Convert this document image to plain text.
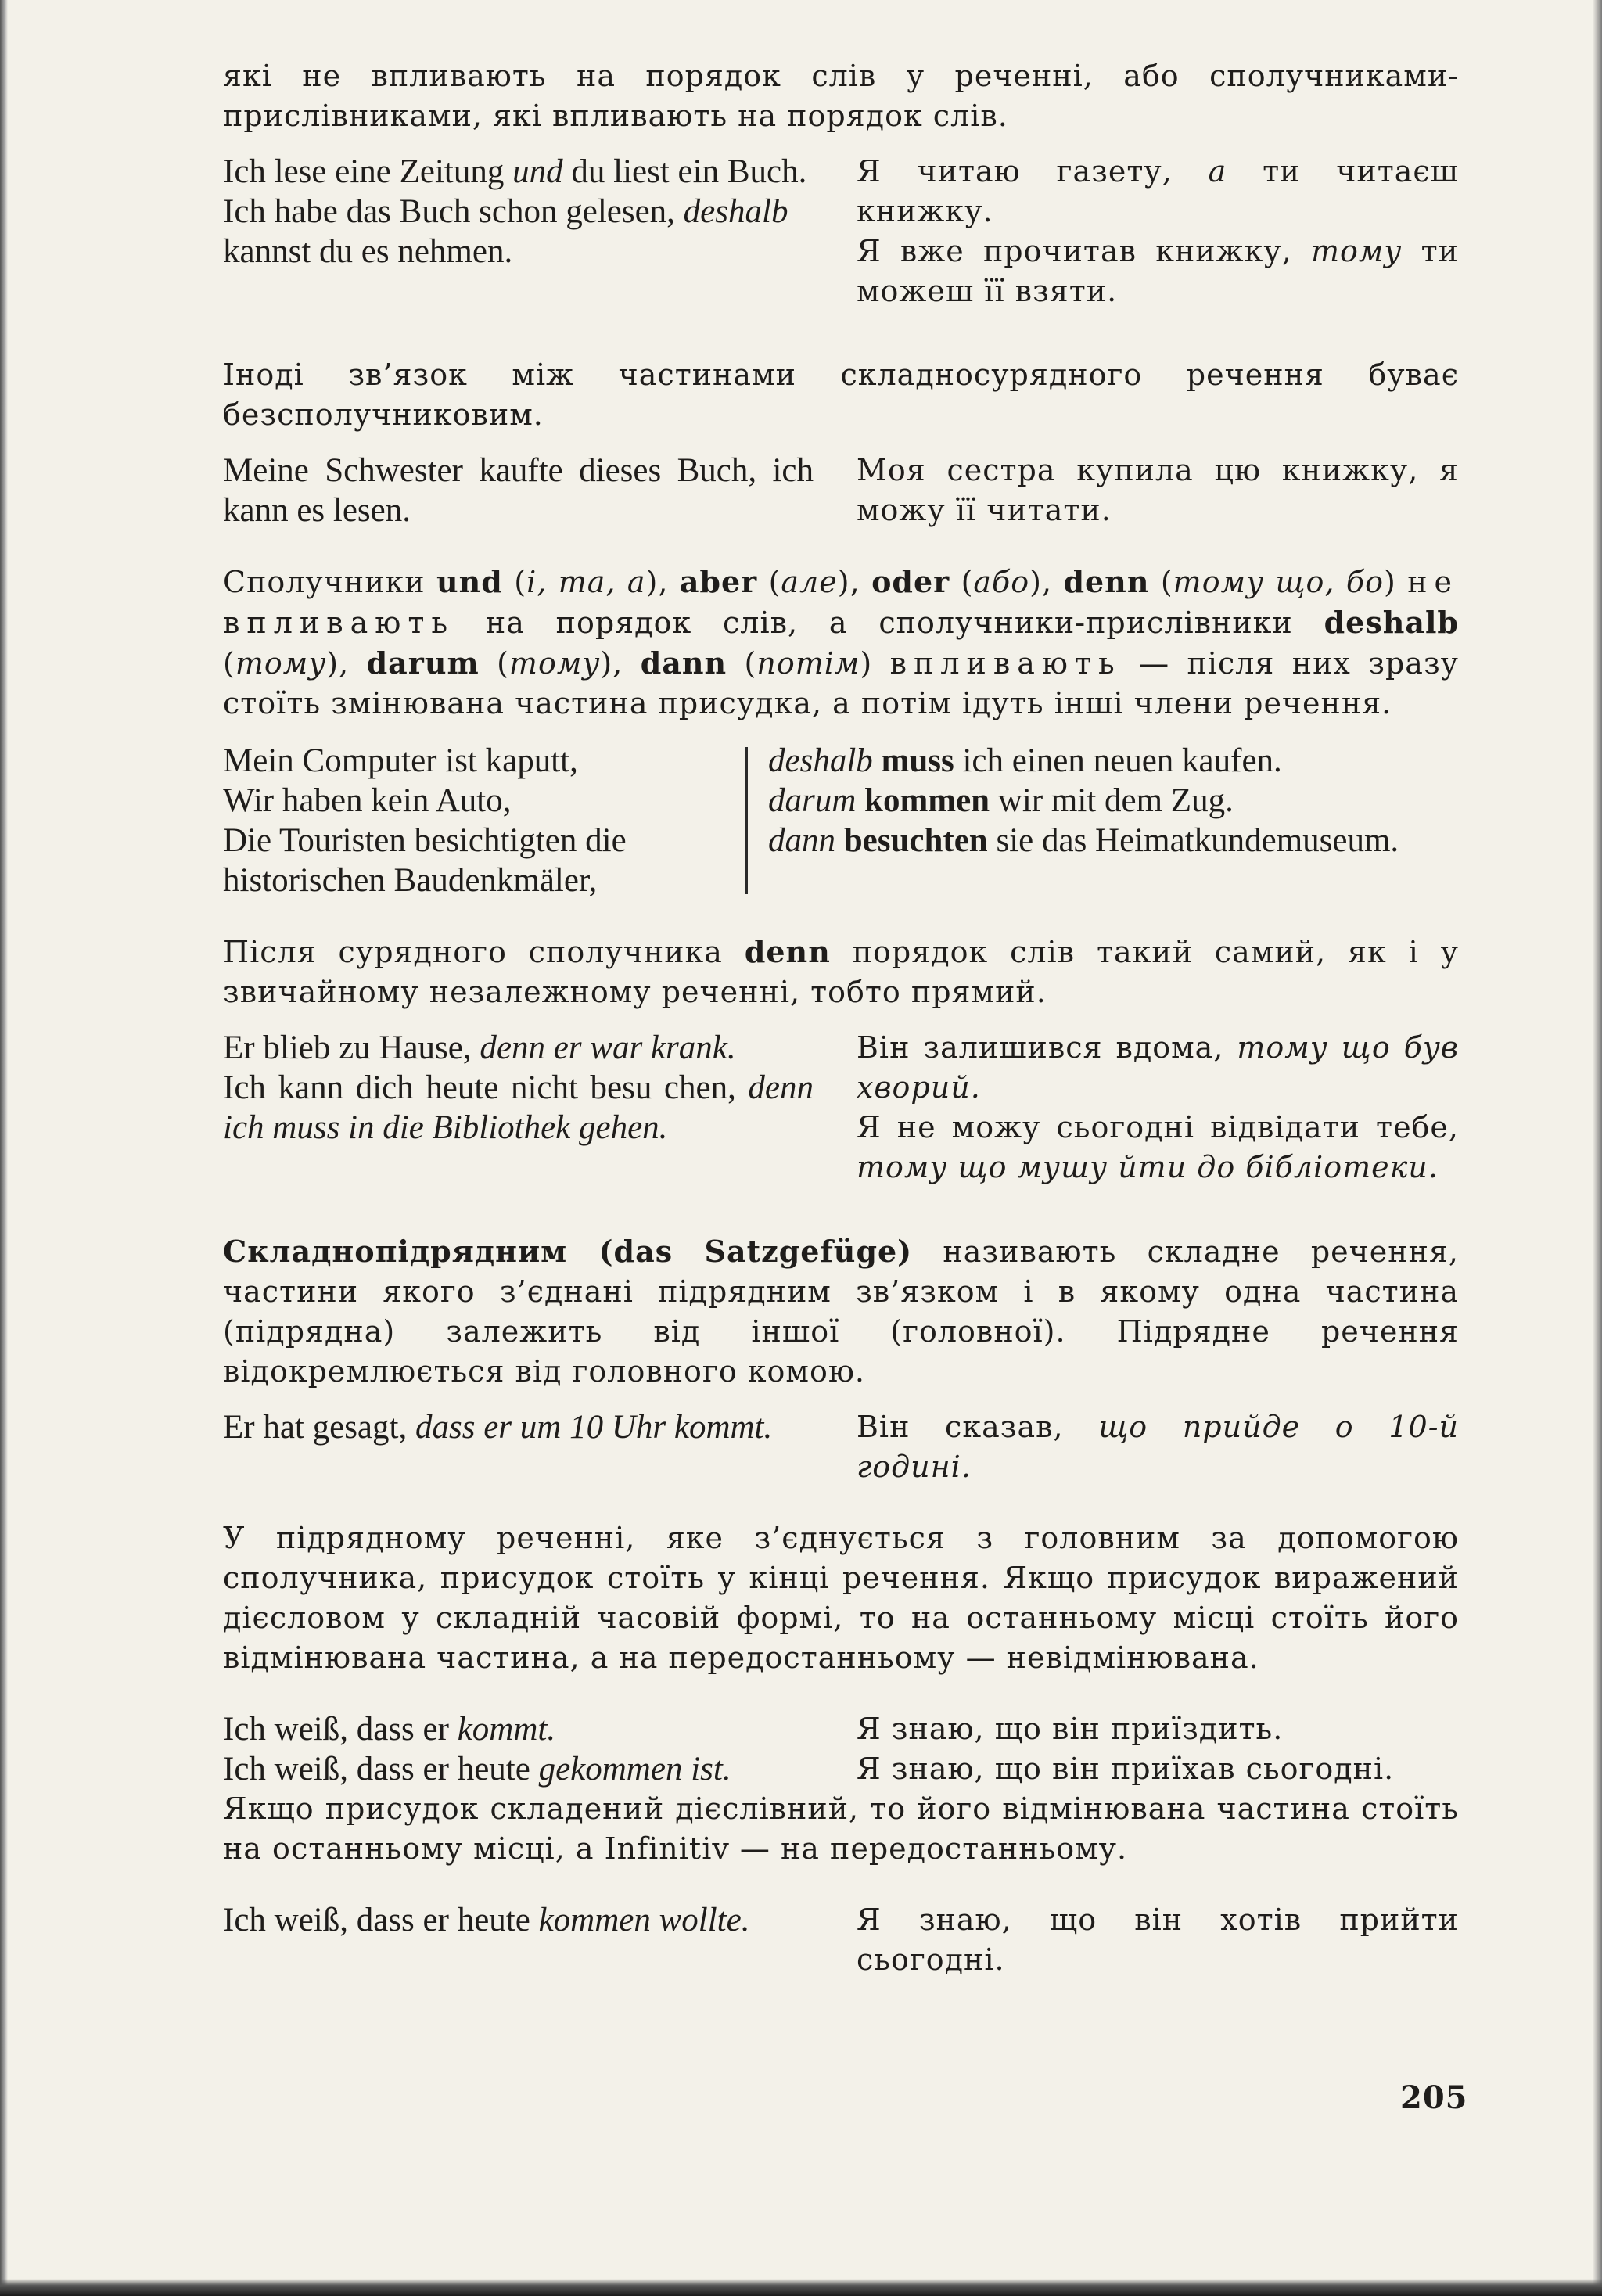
які не впливають на порядок слів у реченні, або сполучниками-прислівниками, які впливають на порядок слів.

Ich lese eine Zeitung und du liest ein Buch.

Ich habe das Buch schon gelesen, deshalb kannst du es nehmen.

Я читаю газету, а ти читаєш книжку.

Я вже прочитав книжку, тому ти можеш її взяти.

Іноді зв’язок між частинами складносурядного речення буває безсполучниковим.

Meine Schwester kaufte dieses Buch, ich kann es lesen.

Моя сестра купила цю книжку, я можу її читати.

Сполучники und (і, та, а), aber (але), oder (або), denn (тому що, бо) не впливають на порядок слів, а сполучники-прислівники deshalb (тому), darum (тому), dann (потім) впливають — після них зразу стоїть змінювана частина присудка, а потім ідуть інші члени речення.

Mein Computer ist kaputt,

Wir haben kein Auto,

Die Touristen besichtigten die historischen Baudenkmäler,

deshalb muss ich einen neuen kaufen.

darum kommen wir mit dem Zug.

dann besuchten sie das Heimatkundemuseum.

Після сурядного сполучника denn порядок слів такий самий, як і у звичайному незалежному реченні, тобто прямий.

Er blieb zu Hause, denn er war krank.

Ich kann dich heute nicht besu chen, denn ich muss in die Bibliothek gehen.

Він залишився вдома, тому що був хворий.

Я не можу сьогодні відвідати тебе, тому що мушу йти до бібліотеки.

Складнопідрядним (das Satzgefüge) називають складне речення, частини якого з’єднані підрядним зв’язком і в якому одна частина (підрядна) залежить від іншої (головної). Підрядне речення відокремлюється від головного комою.

Er hat gesagt, dass er um 10 Uhr kommt.	Він сказав, що прийде о 10-й годині.

У підрядному реченні, яке з’єднується з головним за допомогою сполучника, присудок стоїть у кінці речення. Якщо присудок виражений дієсловом у складній часовій формі, то на останньому місці стоїть його відмінювана частина, а на передостанньому — невідмінювана.

Ich weiß, dass er kommt.

Ich weiß, dass er heute gekommen ist.

Я знаю, що він приїздить.

Я знаю, що він приїхав сьогодні.

Якщо присудок складений дієслівний, то його відмінювана частина стоїть на останньому місці, а Infinitiv — на передостанньому.

Ich weiß, dass er heute kommen wollte.	Я знаю, що він хотів прийти сьогодні.

205
